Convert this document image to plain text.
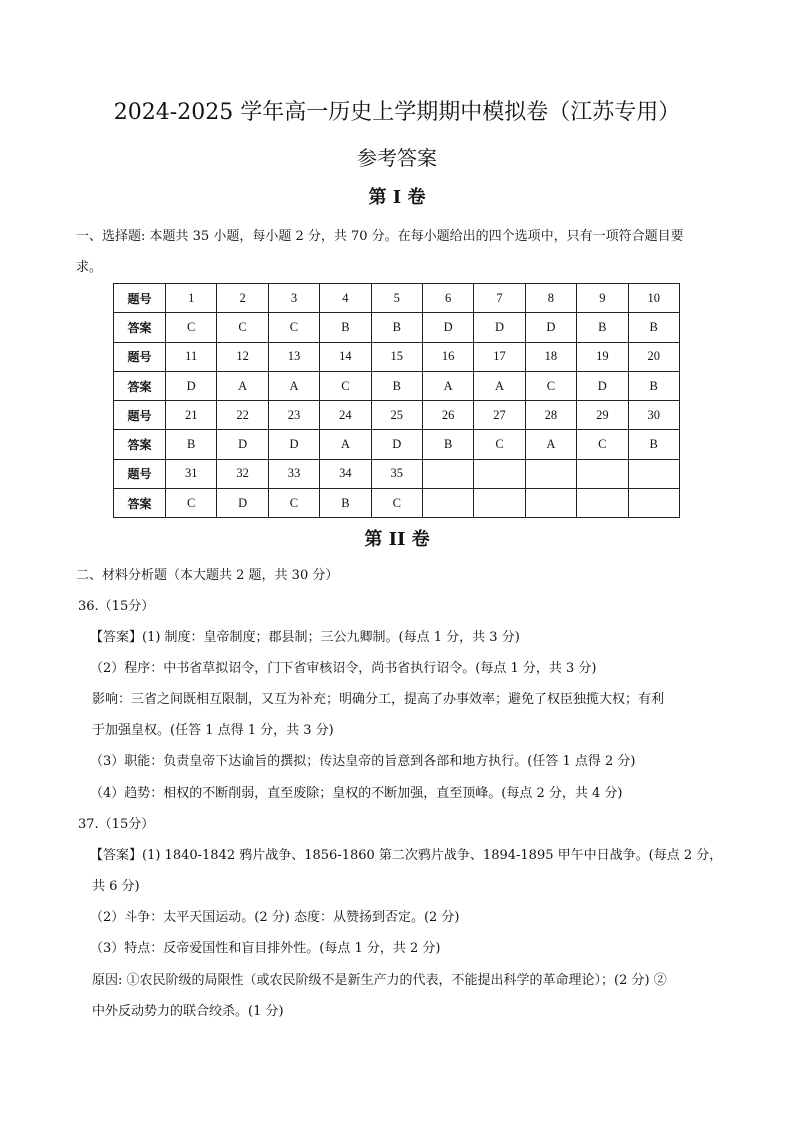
2024-2025 学年高一历史上学期期中模拟卷（江苏专用）
参考答案
第 I 卷
一、选择题: 本题共 35 小题，每小题 2 分，共 70 分。在每小题给出的四个选项中，只有一项符合题目要
求。
题号	1	2	3	4	5	6	7	8	9	10
答案	C	C	C	B	B	D	D	D	B	B
题号	11	12	13	14	15	16	17	18	19	20
答案	D	A	A	C	B	A	A	C	D	B
题号	21	22	23	24	25	26	27	28	29	30
答案	B	D	D	A	D	B	C	A	C	B
题号	31	32	33	34	35					
答案	C	D	C	B	C					
第 II 卷
二、材料分析题（本大题共 2 题，共 30 分）
36.（15分）
【答案】(1) 制度：皇帝制度；郡县制；三公九卿制。(每点 1 分，共 3 分)
（2）程序：中书省草拟诏令，门下省审核诏令，尚书省执行诏令。(每点 1 分，共 3 分)
影响：三省之间既相互限制，又互为补充；明确分工，提高了办事效率；避免了权臣独揽大权；有利
于加强皇权。(任答 1 点得 1 分，共 3 分)
（3）职能：负责皇帝下达谕旨的撰拟；传达皇帝的旨意到各部和地方执行。(任答 1 点得 2 分)
（4）趋势：相权的不断削弱，直至废除；皇权的不断加强，直至顶峰。(每点 2 分，共 4 分)
37.（15分）
【答案】(1) 1840-1842 鸦片战争、1856-1860 第二次鸦片战争、1894-1895 甲午中日战争。(每点 2 分，
共 6 分)
（2）斗争：太平天国运动。(2 分) 态度：从赞扬到否定。(2 分)
（3）特点：反帝爱国性和盲目排外性。(每点 1 分，共 2 分)
原因: ①农民阶级的局限性（或农民阶级不是新生产力的代表，不能提出科学的革命理论）；(2 分) ②
中外反动势力的联合绞杀。(1 分)
